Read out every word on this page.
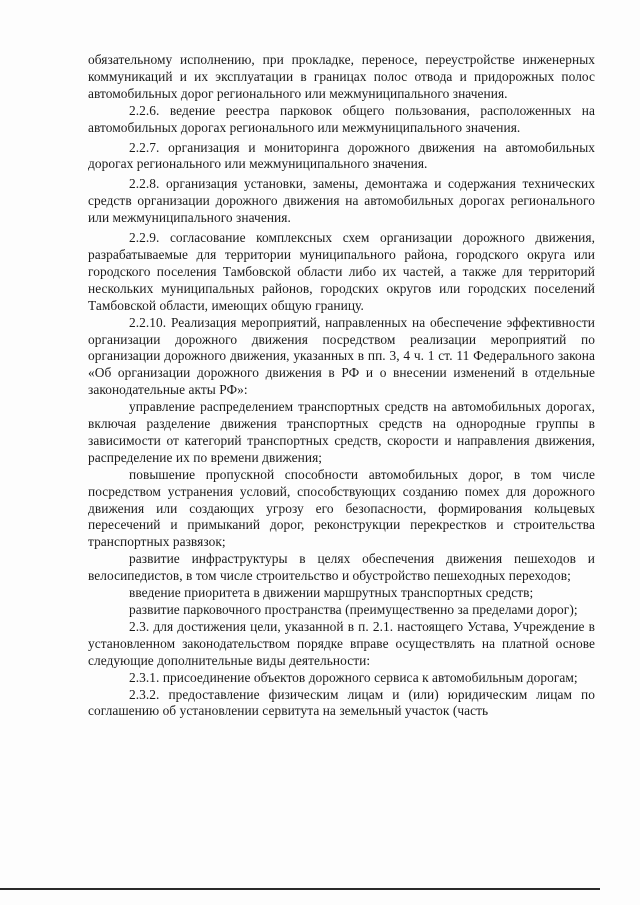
обязательному исполнению, при прокладке, переносе, переустройстве инженерных коммуникаций и их эксплуатации в границах полос отвода и придорожных полос автомобильных дорог регионального или межмуниципального значения.

2.2.6. ведение реестра парковок общего пользования, расположенных на автомобильных дорогах регионального или межмуниципального значения.

2.2.7. организация и мониторинга дорожного движения на автомобильных дорогах регионального или межмуниципального значения.

2.2.8. организация установки, замены, демонтажа и содержания технических средств организации дорожного движения на автомобильных дорогах регионального или межмуниципального значения.

2.2.9. согласование комплексных схем организации дорожного движения, разрабатываемые для территории муниципального района, городского округа или городского поселения Тамбовской области либо их частей, а также для территорий нескольких муниципальных районов, городских округов или городских поселений Тамбовской области, имеющих общую границу.

2.2.10. Реализация мероприятий, направленных на обеспечение эффективности организации дорожного движения посредством реализации мероприятий по организации дорожного движения, указанных в пп. 3, 4 ч. 1 ст. 11 Федерального закона «Об организации дорожного движения в РФ и о внесении изменений в отдельные законодательные акты РФ»:

управление распределением транспортных средств на автомобильных дорогах, включая разделение движения транспортных средств на однородные группы в зависимости от категорий транспортных средств, скорости и направления движения, распределение их по времени движения;

повышение пропускной способности автомобильных дорог, в том числе посредством устранения условий, способствующих созданию помех для дорожного движения или создающих угрозу его безопасности, формирования кольцевых пересечений и примыканий дорог, реконструкции перекрестков и строительства транспортных развязок;

развитие инфраструктуры в целях обеспечения движения пешеходов и велосипедистов, в том числе строительство и обустройство пешеходных переходов;

введение приоритета в движении маршрутных транспортных средств;

развитие парковочного пространства (преимущественно за пределами дорог);

2.3. для достижения цели, указанной в п. 2.1. настоящего Устава, Учреждение в установленном законодательством порядке вправе осуществлять на платной основе следующие дополнительные виды деятельности:

2.3.1. присоединение объектов дорожного сервиса к автомобильным дорогам;

2.3.2. предоставление физическим лицам и (или) юридическим лицам по соглашению об установлении сервитута на земельный участок (часть
